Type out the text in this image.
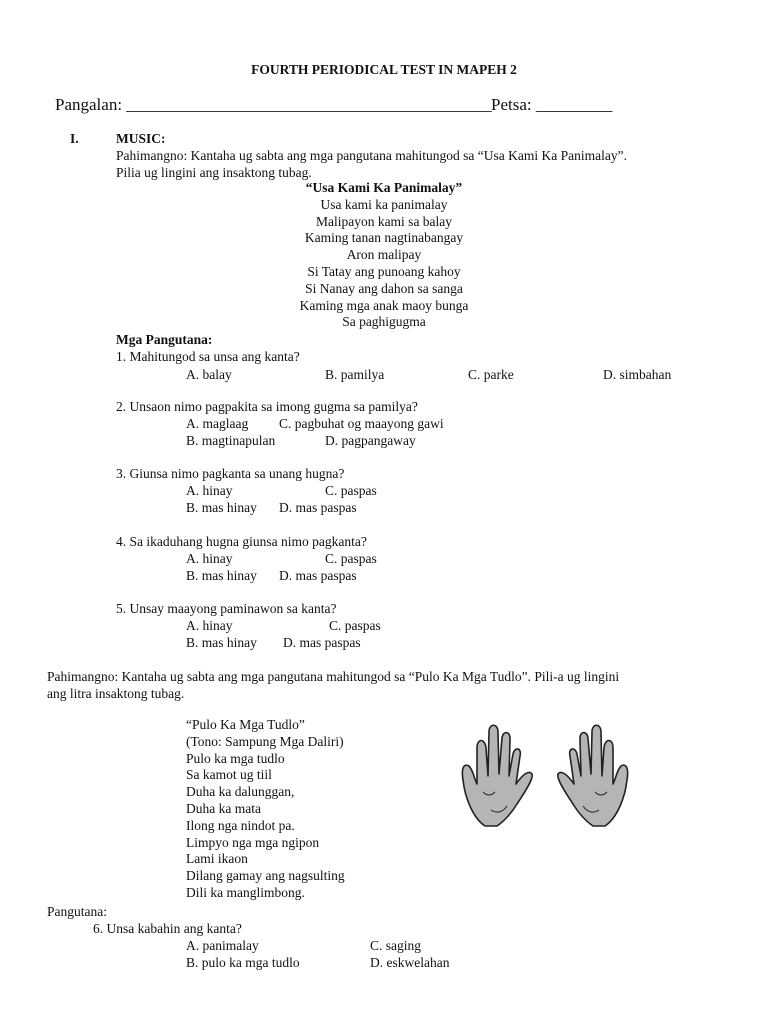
FOURTH PERIODICAL TEST IN MAPEH 2
Pangalan: ___________________________________________ Petsa: _________
I.	MUSIC:
Pahimangno: Kantaha ug sabta ang mga pangutana mahitungod sa “Usa Kami Ka Panimalay”.
Pilia ug lingini ang insaktong tubag.
“Usa Kami Ka Panimalay”
Usa kami ka panimalay
Malipayon kami sa balay
Kaming tanan nagtinabangay
Aron malipay
Si Tatay ang punoang kahoy
Si Nanay ang dahon sa sanga
Kaming mga anak maoy bunga
Sa paghigugma
Mga Pangutana:
1. Mahitungod sa unsa ang kanta?
A. balay	B. pamilya	C. parke	D. simbahan
2. Unsaon nimo pagpakita sa imong gugma sa pamilya?
A. maglaag C. pagbuhat og maayong gawi
B. magtinapulan	D. pagpangaway
3. Giunsa nimo pagkanta sa unang hugna?
A. hinay	C. paspas
B. mas hinay D. mas paspas
4. Sa ikaduhang hugna giunsa nimo pagkanta?
A. hinay	C. paspas
B. mas hinay D. mas paspas
5. Unsay maayong paminawon sa kanta?
A. hinay	C. paspas
B. mas hinay D. mas paspas
Pahimangno: Kantaha ug sabta ang mga pangutana mahitungod sa “Pulo Ka Mga Tudlo”. Pili-a ug lingini
ang litra insaktong tubag.
“Pulo Ka Mga Tudlo”
(Tono: Sampung Mga Daliri)
Pulo ka mga tudlo
Sa kamot ug tiil
Duha ka dalunggan,
Duha ka mata
Ilong nga nindot pa.
Limpyo nga mga ngipon
Lami ikaon
Dilang gamay ang nagsulting
Dili ka manglimbong.
Pangutana:
6. Unsa kabahin ang kanta?
A. panimalay	C. saging
B. pulo ka mga tudlo	D. eskwelahan
